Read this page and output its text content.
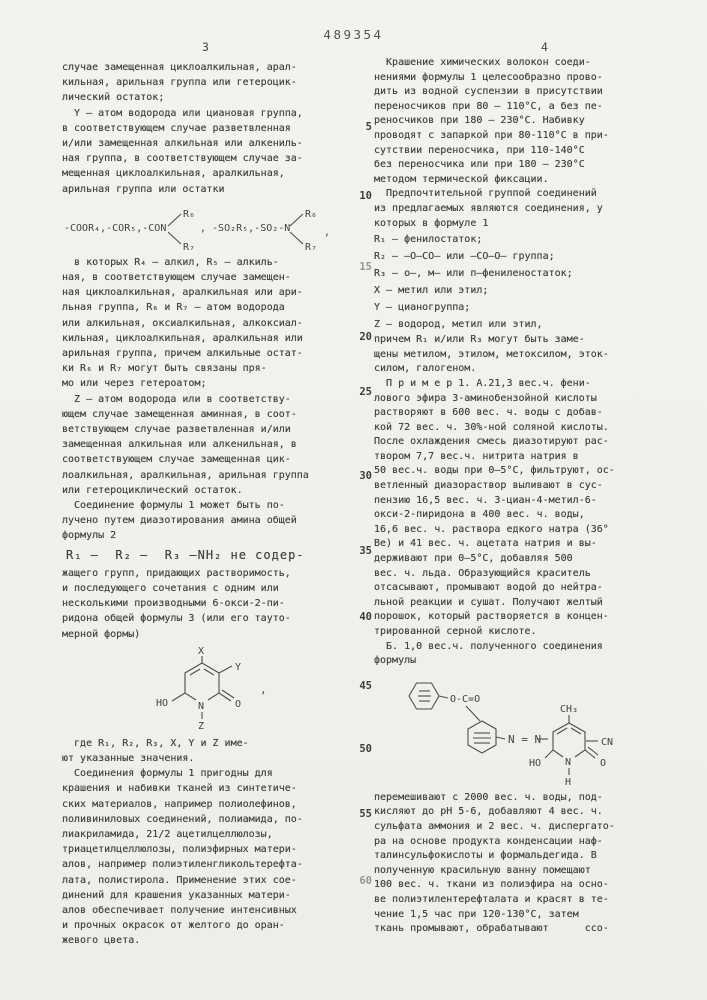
489354
3	4
5
10
15
20
25
30
35
40
45
50
55
60
случае замещенная циклоалкильная, арал-
кильная, арильная группа или гетероцик-
лический остаток;
Y – атом водорода или циановая группа,
в соответствующем случае разветвленная
и/или замещенная алкильная или алкениль-
ная группа, в соответствующем случае за-
мещенная циклоалкильная, аралкильная,
арильная группа или остатки
-COOR₄,-COR₅,-CON
R₆
R₇
, -SO₂R₅,-SO₂-N
R₆
R₇
,
в которых R₄ – алкил, R₅ – алкиль-
ная, в соответствующем случае замещен-
ная циклоалкильная, аралкильная или ари-
льная группа, R₆ и R₇ – атом водорода
или алкильная, оксиалкильная, алкоксиал-
кильная, циклоалкильная, аралкильная или
арильная группа, причем алкильные остат-
ки R₆ и R₇ могут быть связаны пря-
мо или через гетероатом;
Z – атом водорода или в соответству-
ющем случае замещенная аминная, в соот-
ветствующем случае разветвленная и/или
замещенная алкильная или алкенильная, в
соответствующем случае замещенная цик-
лоалкильная, аралкильная, арильная группа
или гетероциклический остаток.
Соединение формулы 1 может быть по-
лучено путем диазотирования амина общей
формулы 2
R₁ –  R₂ –  R₃ –NH₂ не содер-
жащего групп, придающих растворимость,
и последующего сочетания с одним или
несколькими производными 6-окси-2-пи-
ридона общей формулы 3 (или его тауто-
мерной формы)
X
Y
HO	N
Z
O
,
где R₁, R₂, R₃, X, Y и Z име-
ют указанные значения.
Соединения формулы 1 пригодны для
крашения и набивки тканей из синтетиче-
ских материалов, например полиолефинов,
поливиниловых соединений, полиамида, по-
лиакриламида, 21/2 ацетилцеллюлозы,
триацетилцеллюлозы, полиэфирных матери-
алов, например полиэтиленгликольтерефта-
лата, полистирола. Применение этих сое-
динений для крашения указанных матери-
алов обеспечивает получение интенсивных
и прочных окрасок от желтого до оран-
жевого цвета.
Крашение химических волокон соеди-
нениями формулы 1 целесообразно прово-
дить из водной суспензии в присутствии
переносчиков при 80 – 110°C, а без пе-
реносчиков при 180 – 230°C. Набивку
проводят с запаркой при 80-110°C в при-
сутствии переносчика, при 110-140°C
без переносчика или при 180 – 230°C
методом термической фиксации.
Предпочтительной группой соединений
из предлагаемых являются соединения, у
которых в формуле 1
R₁ – фенилостаток;
R₂ – –O–CO– или –CO–O– группа;
R₃ – о–, м– или п–фениленостаток;
X – метил или этил;
Y – цианогруппа;
Z – водород, метил или этил,
причем R₁ и/или R₃ могут быть заме-
щены метилом, этилом, метоксилом, эток-
силом, галогеном.
П р и м е р 1. А.21,3 вес.ч. фени-
лового эфира 3-аминобензойной кислоты
растворяют в 600 вес. ч. воды с добав-
кой 72 вес. ч. 30%-ной соляной кислоты.
После охлаждения смесь диазотируют рас-
твором 7,7 вес.ч. нитрита натрия в
50 вес.ч. воды при 0–5°C, фильтруют, ос-
ветленный диазораствор выливают в сус-
пензию 16,5 вес. ч. 3-циан-4-метил-6-
окси-2-пиридона в 400 вес. ч. воды,
16,6 вес. ч. раствора едкого натра (36°
Ве) и 41 вес. ч. ацетата натрия и вы-
держивают при 0–5°C, добавляя 500
вес. ч. льда. Образующийся краситель
отсасывают, промывают водой до нейтра-
льной реакции и сушат. Получают желтый
порошок, который растворяется в концен-
трированной серной кислоте.
Б. 1,0 вес.ч. полученного соединения
формулы
O-C=O
N = N
CH₃
CN
HO N
H
O
перемешивают с 2000 вес. ч. воды, под-
кисляют до pH 5-6, добавляют 4 вес. ч.
сульфата аммония и 2 вес. ч. диспергато-
ра на основе продукта конденсации наф-
талинсульфокислоты и формальдегида. В
полученную красильную ванну помещают
100 вес. ч. ткани из полиэфира на осно-
ве полиэтилентерефталата и красят в те-
чение 1,5 час при 120-130°C, затем
ткань промывают, обрабатывают      ссо-
